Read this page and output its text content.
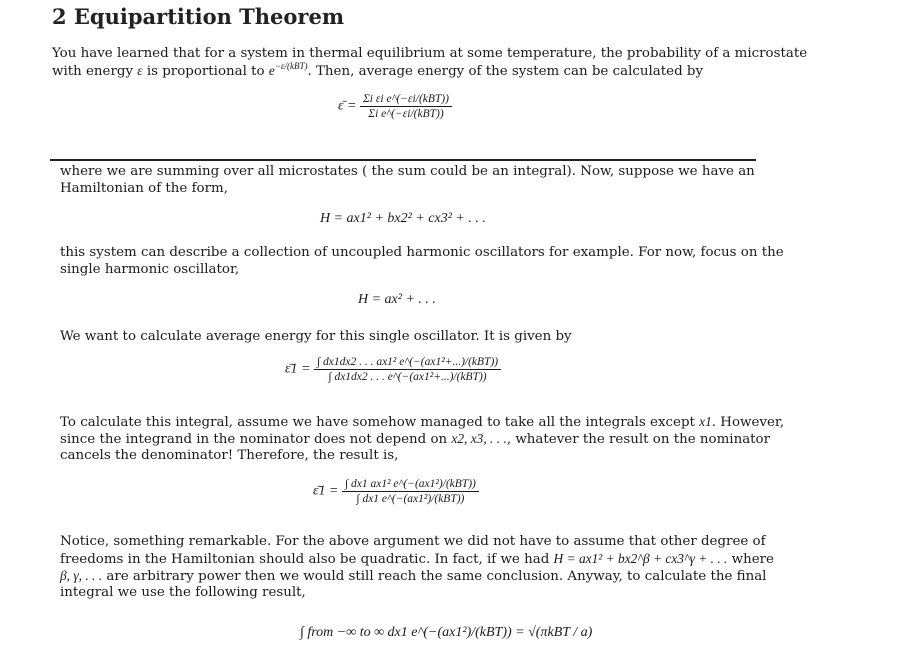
2 Equipartition Theorem
You have learned that for a system in thermal equilibrium at some temperature, the probability of a microstate
with energy ε is proportional to $e^{-\varepsilon/(kBT)}$. Then, average energy of the system can be calculated by
ε̄ = $\frac{\text{Σi εi e\textasciicircum{}(−εi/(kBT))}}{\text{Σi e\textasciicircum{}(−εi/(kBT))}}$
where we are summing over all microstates ( the sum could be an integral). Now, suppose we have an
Hamiltonian of the form,
H = ax1² + bx2² + cx3² + . . .
this system can describe a collection of uncoupled harmonic oscillators for example. For now, focus on the
single harmonic oscillator,
H = ax² + . . .
We want to calculate average energy for this single oscillator. It is given by
ε̄1 = $\frac{\text{∫ dx1dx2 . . . ax1² e\textasciicircum{}(−(ax1²+...)/(kBT))}}{\text{∫ dx1dx2 . . . e\textasciicircum{}(−(ax1²+...)/(kBT))}}$
To calculate this integral, assume we have somehow managed to take all the integrals except x1. However,
since the integrand in the nominator does not depend on x2, x3, . . ., whatever the result on the nominator
cancels the denominator! Therefore, the result is,
ε̄1 = $\frac{\text{∫ dx1 ax1² e\textasciicircum{}(−(ax1²)/(kBT))}}{\text{∫ dx1 e\textasciicircum{}(−(ax1²)/(kBT))}}$
Notice, something remarkable. For the above argument we did not have to assume that other degree of
freedoms in the Hamiltonian should also be quadratic. In fact, if we had H = ax1² + bx2^β + cx3^γ + . . . where
β, γ, . . . are arbitrary power then we would still reach the same conclusion. Anyway, to calculate the final
integral we use the following result,
∫ from −∞ to ∞ dx1 e^(−(ax1²)/(kBT)) = √(πkBT / a)
